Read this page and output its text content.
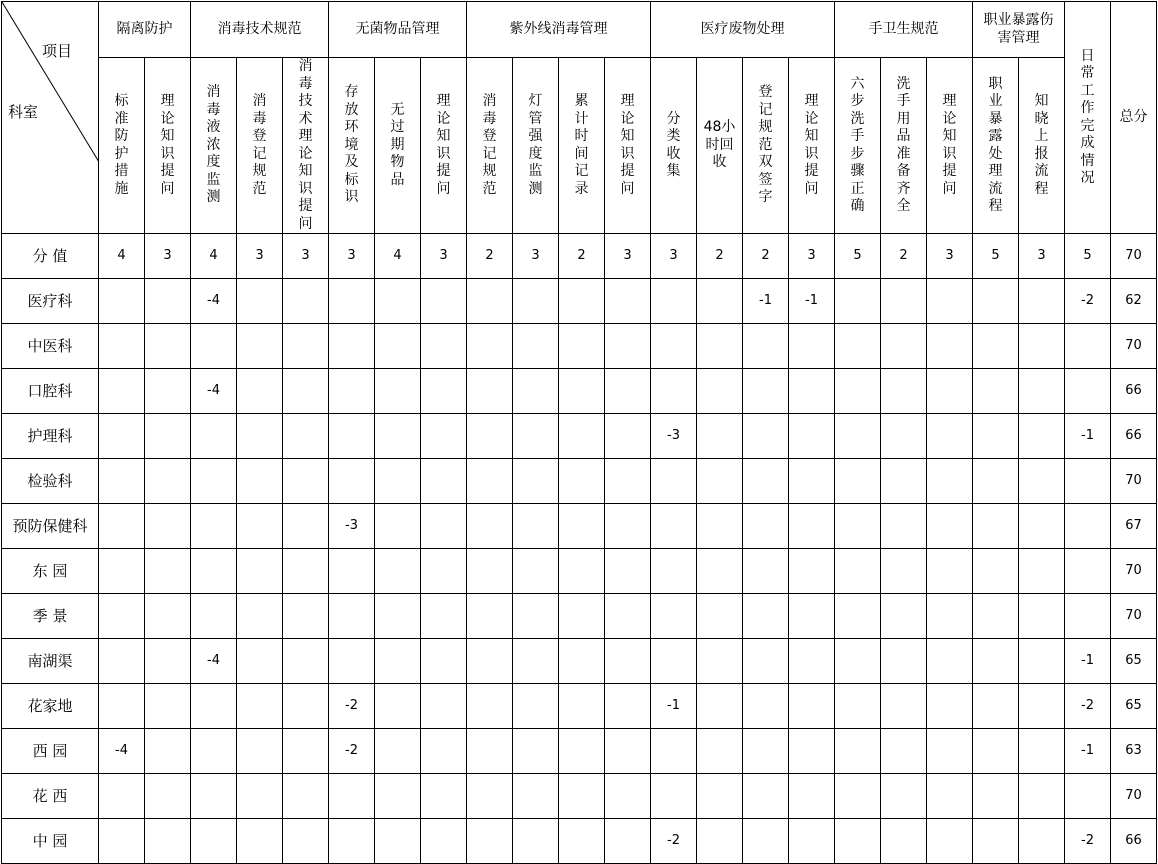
项目
科室	隔离防护		消毒技术规范			无菌物品管理			紫外线消毒管理				医疗废物处理				手卫生规范			职业暴露伤害管理		日常工作完成情况	总分

	标准防护措施	理论知识提问	消毒液浓度监测	消毒登记规范	消毒技术理论知识提问	存放环境及标识	无过期物品	理论知识提问	消毒登记规范	灯管强度监测	累计时间记录	理论知识提问	分类收集	48小时回收	登记规范双签字	理论知识提问	六步洗手步骤正确	洗手用品准备齐全	理论知识提问	职业暴露处理流程	知晓上报流程		

分 值	4	3	4	3	3	3	4	3	2	3	2	3	3	2	2	3	5	2	3	5	3	5	70
医疗科			-4												-1	-1						-2	62
中医科																							70
口腔科			-4																				66
护理科													-3									-1	66
检验科																							70
预防保健科						-3																	67
东 园																							70
季 景																							70
南湖渠			-4																			-1	65
花家地						-2							-1									-2	65
西 园	-4					-2																-1	63
花 西																							70
中 园													-2									-2	66
